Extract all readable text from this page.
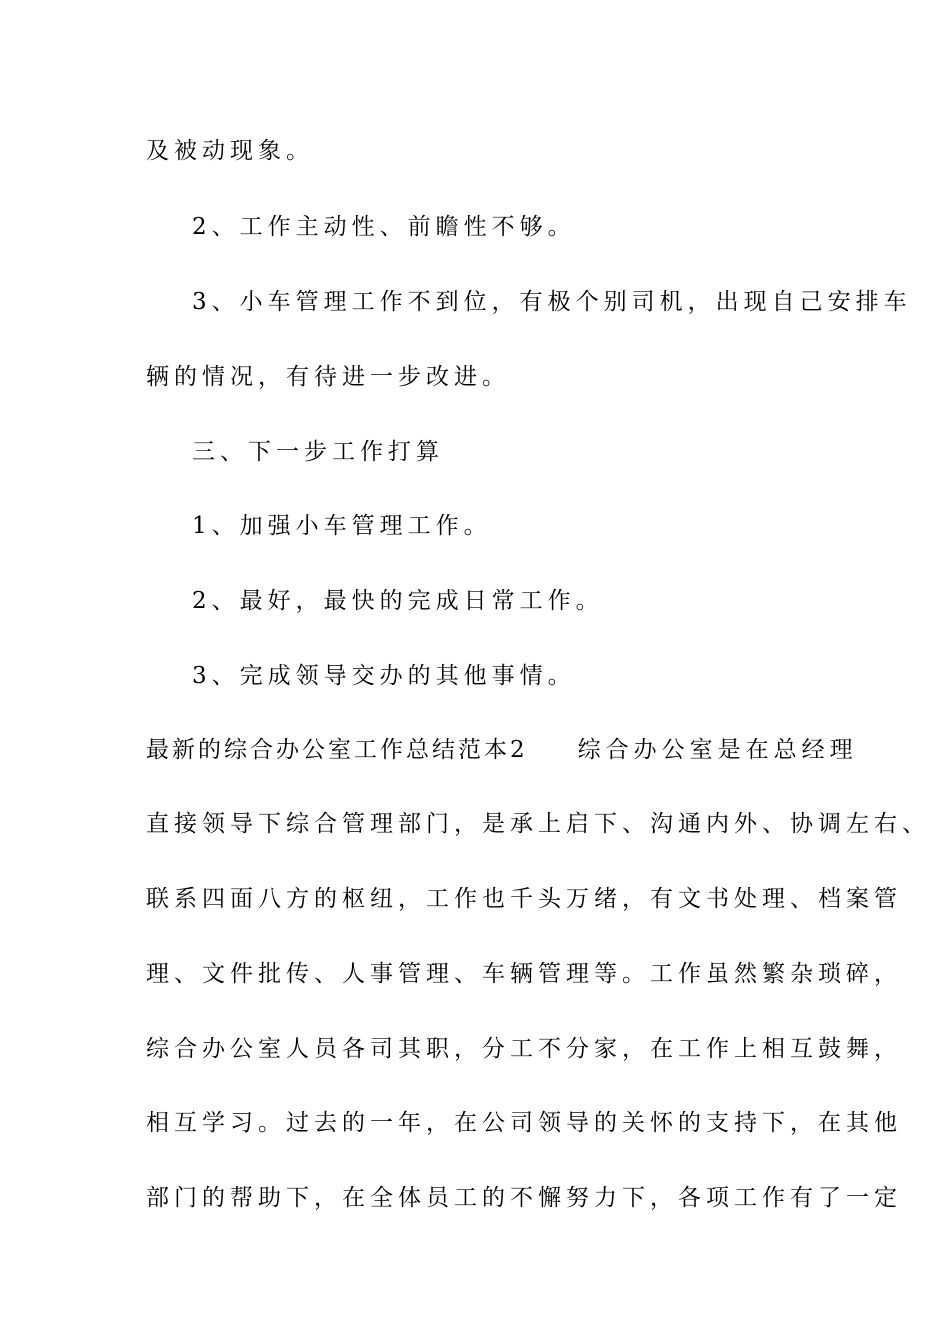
及被动现象。

2、工作主动性、前瞻性不够。

3、小车管理工作不到位，有极个别司机，出现自己安排车

辆的情况，有待进一步改进。

三、下一步工作打算

1、加强小车管理工作。

2、最好，最快的完成日常工作。

3、完成领导交办的其他事情。

最新的综合办公室工作总结范本2 综合办公室是在总经理

直接领导下综合管理部门，是承上启下、沟通内外、协调左右、

联系四面八方的枢纽，工作也千头万绪，有文书处理、档案管

理、文件批传、人事管理、车辆管理等。工作虽然繁杂琐碎，

综合办公室人员各司其职，分工不分家，在工作上相互鼓舞，

相互学习。过去的一年，在公司领导的关怀的支持下，在其他

部门的帮助下，在全体员工的不懈努力下，各项工作有了一定
